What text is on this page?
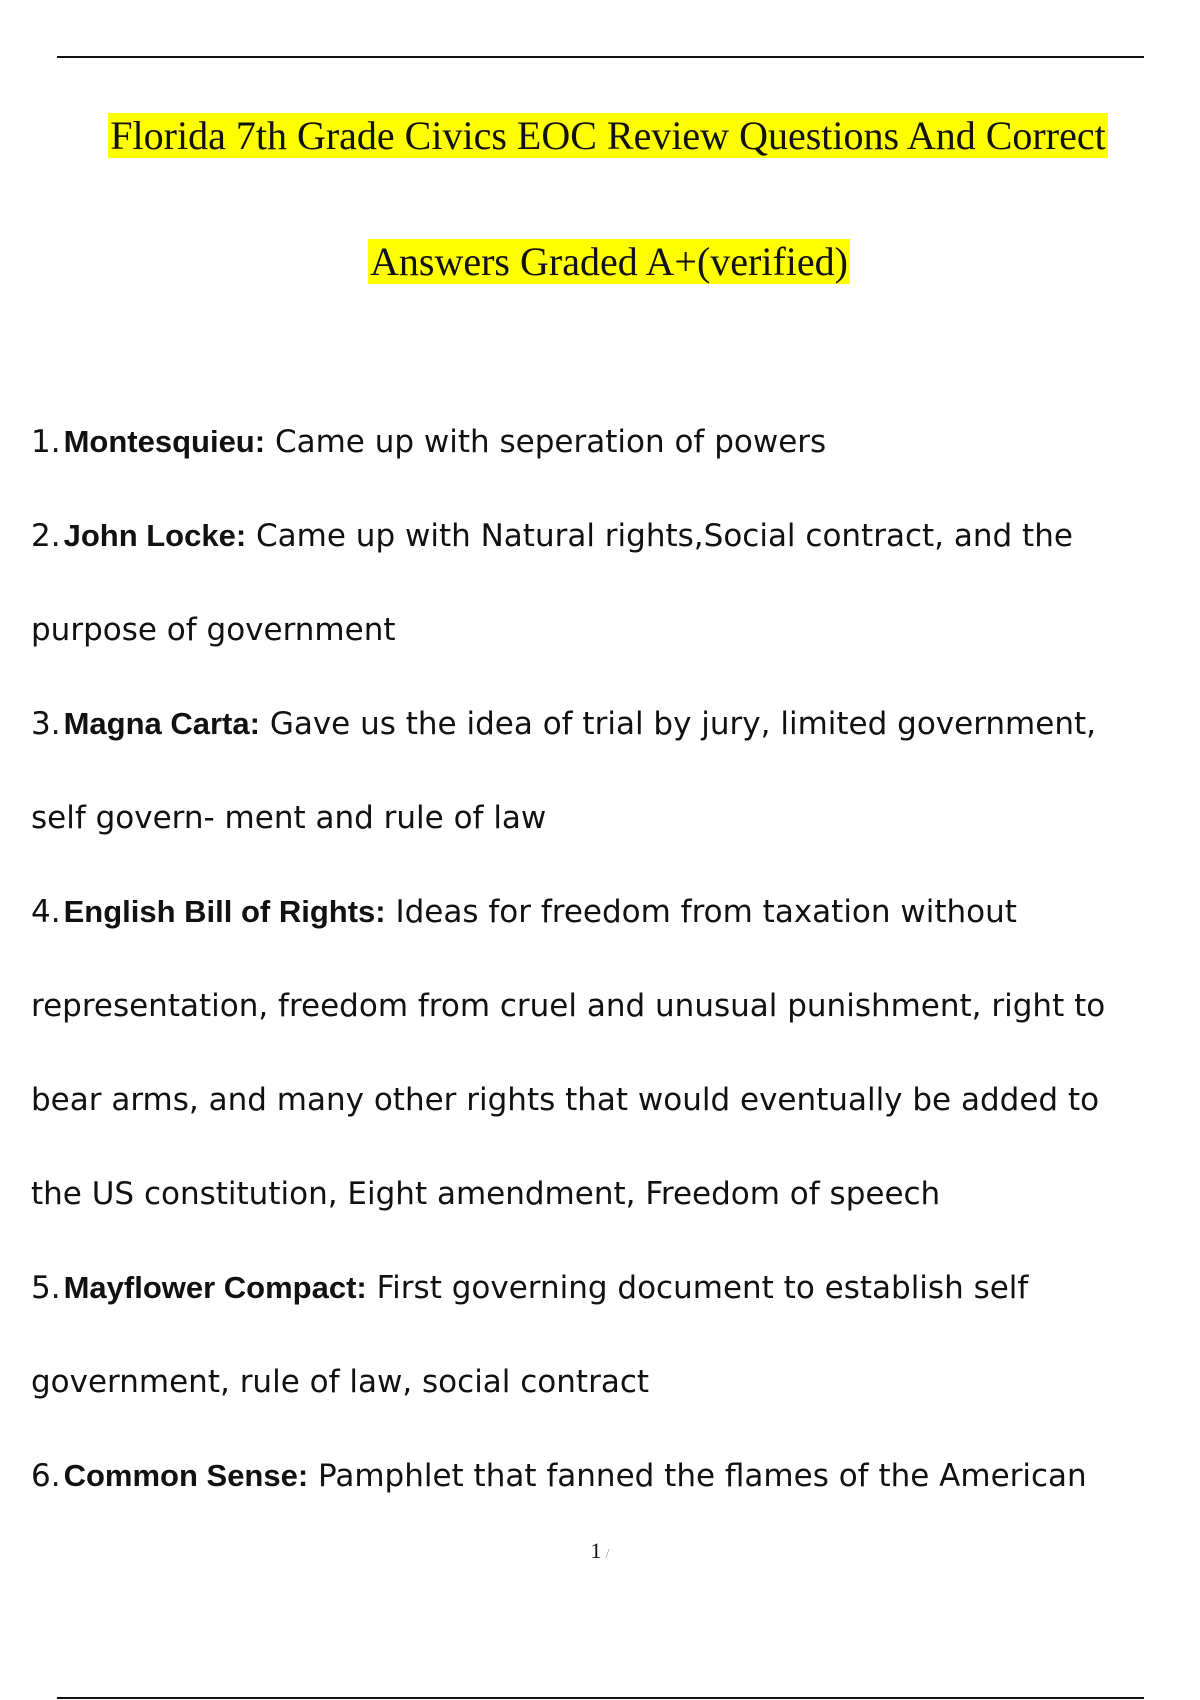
Florida 7th Grade Civics EOC Review Questions And Correct
Answers Graded A+(verified)
1.Montesquieu: Came up with seperation of powers
2.John Locke: Came up with Natural rights,Social contract, and the
purpose of government
3.Magna Carta: Gave us the idea of trial by jury, limited government,
self govern- ment and rule of law
4.English Bill of Rights: Ideas for freedom from taxation without
representation, freedom from cruel and unusual punishment, right to
bear arms, and many other rights that would eventually be added to
the US constitution, Eight amendment, Freedom of speech
5.Mayflower Compact: First governing document to establish self
government, rule of law, social contract
6.Common Sense: Pamphlet that fanned the flames of the American
1 /
